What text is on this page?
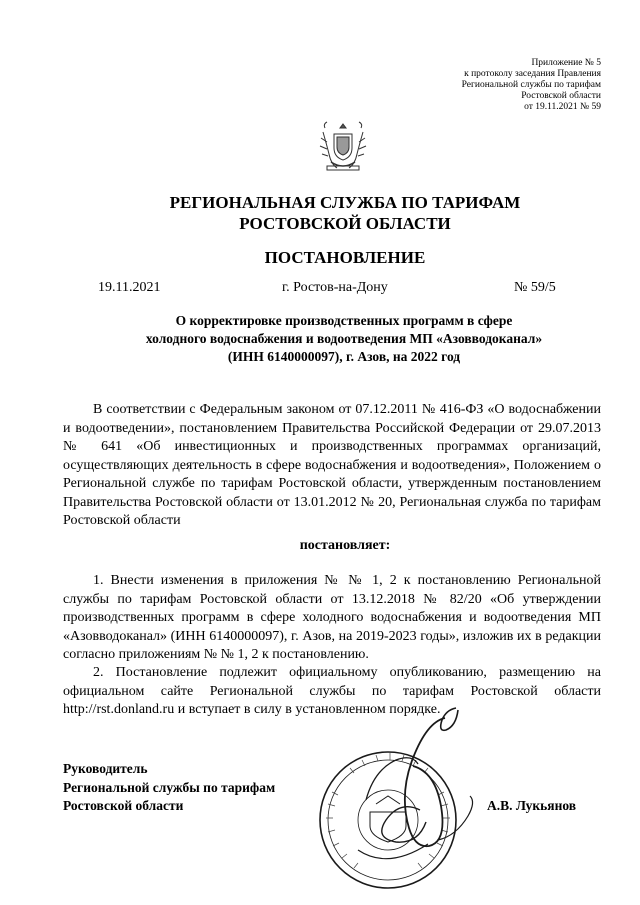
Приложение № 5
к протоколу заседания Правления
Региональной службы по тарифам
Ростовской области
от 19.11.2021 № 59
РЕГИОНАЛЬНАЯ СЛУЖБА ПО ТАРИФАМ
РОСТОВСКОЙ ОБЛАСТИ
ПОСТАНОВЛЕНИЕ
19.11.2021	г. Ростов-на-Дону	№ 59/5
О корректировке производственных программ в сфере
холодного водоснабжения и водоотведения МП «Азовводоканал»
(ИНН 6140000097), г. Азов, на 2022 год

В соответствии с Федеральным законом от 07.12.2011 № 416-ФЗ «О водоснабжении и водоотведении», постановлением Правительства Российской Федерации от 29.07.2013 № 641 «Об инвестиционных и производственных программах организаций, осуществляющих деятельность в сфере водоснабжения и водоотведения», Положением о Региональной службе по тарифам Ростовской области, утвержденным постановлением Правительства Ростовской области от 13.01.2012 № 20, Региональная служба по тарифам Ростовской области

постановляет:

1. Внести изменения в приложения № № 1, 2 к постановлению Региональной службы по тарифам Ростовской области от 13.12.2018 № 82/20 «Об утверждении производственных программ в сфере холодного водоснабжения и водоотведения МП «Азовводоканал» (ИНН 6140000097), г. Азов, на 2019-2023 годы», изложив их в редакции согласно приложениям № № 1, 2 к постановлению.

2. Постановление подлежит официальному опубликованию, размещению на официальном сайте Региональной службы по тарифам Ростовской области http://rst.donland.ru и вступает в силу в установленном порядке.

Руководитель
Региональной службы по тарифам
Ростовской области	А.В. Лукьянов
